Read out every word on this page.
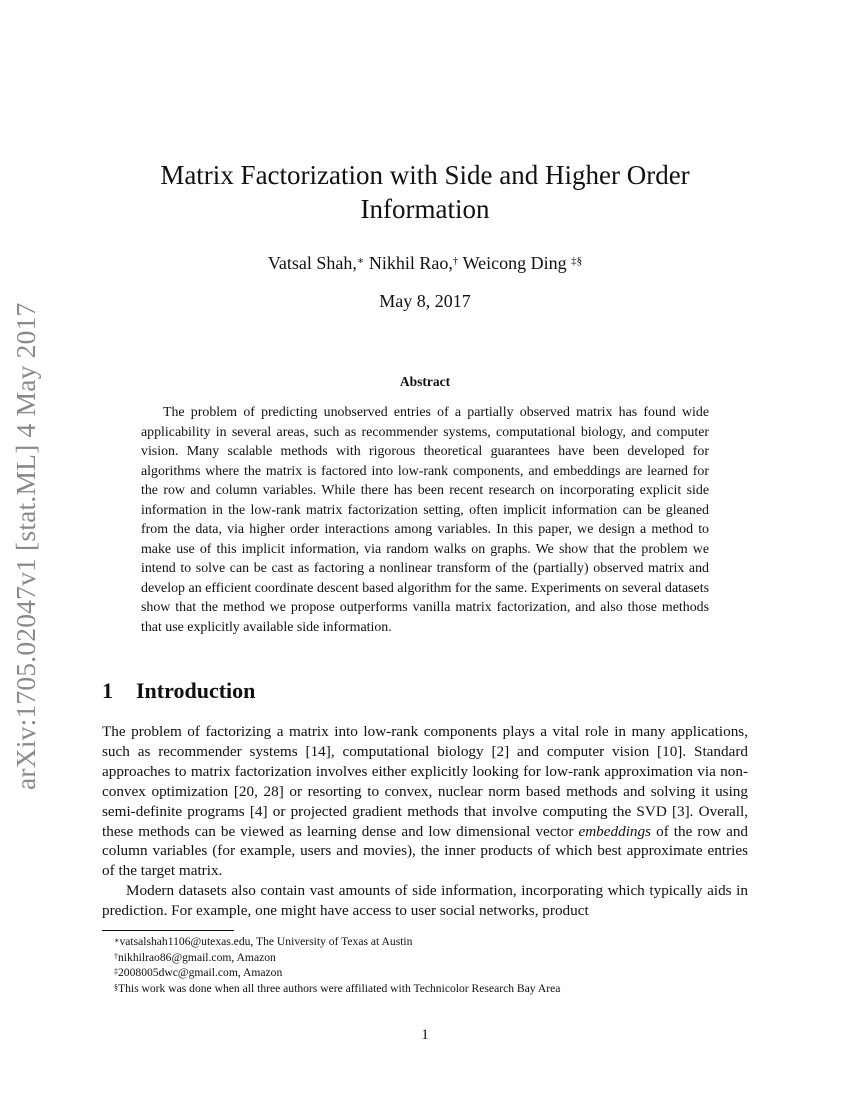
arXiv:1705.02047v1 [stat.ML] 4 May 2017
Matrix Factorization with Side and Higher Order Information
Vatsal Shah,∗ Nikhil Rao,† Weicong Ding ‡§
May 8, 2017
Abstract
The problem of predicting unobserved entries of a partially observed matrix has found wide applicability in several areas, such as recommender systems, computational biology, and computer vision. Many scalable methods with rigorous theoretical guarantees have been developed for algorithms where the matrix is factored into low-rank components, and embeddings are learned for the row and column variables. While there has been recent research on incorporating explicit side information in the low-rank matrix factorization setting, often implicit information can be gleaned from the data, via higher order interactions among variables. In this paper, we design a method to make use of this implicit information, via random walks on graphs. We show that the problem we intend to solve can be cast as factoring a nonlinear transform of the (partially) observed matrix and develop an efficient coordinate descent based algorithm for the same. Experiments on several datasets show that the method we propose outperforms vanilla matrix factorization, and also those methods that use explicitly available side information.
1 Introduction
The problem of factorizing a matrix into low-rank components plays a vital role in many applications, such as recommender systems [14], computational biology [2] and computer vision [10]. Standard approaches to matrix factorization involves either explicitly looking for low-rank approximation via non-convex optimization [20, 28] or resorting to convex, nuclear norm based methods and solving it using semi-definite programs [4] or projected gradient methods that involve computing the SVD [3]. Overall, these methods can be viewed as learning dense and low dimensional vector embeddings of the row and column variables (for example, users and movies), the inner products of which best approximate entries of the target matrix.
Modern datasets also contain vast amounts of side information, incorporating which typically aids in prediction. For example, one might have access to user social networks, product
∗vatsalshah1106@utexas.edu, The University of Texas at Austin
†nikhilrao86@gmail.com, Amazon
‡2008005dwc@gmail.com, Amazon
§This work was done when all three authors were affiliated with Technicolor Research Bay Area
1
